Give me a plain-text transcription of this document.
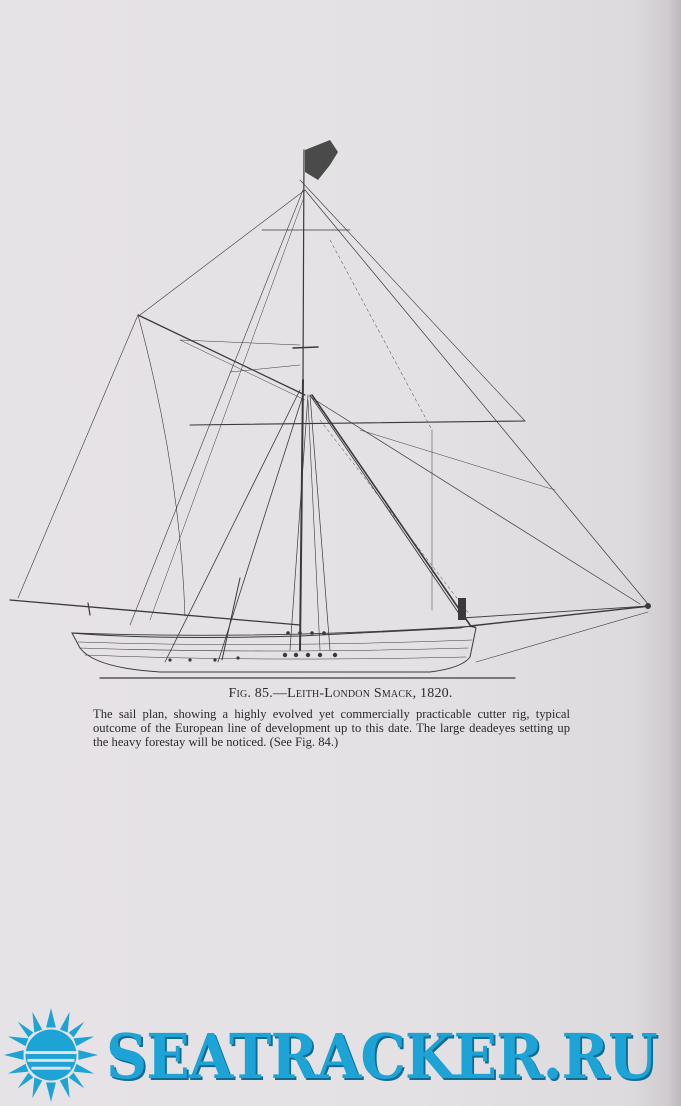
Fig. 85.—Leith-London Smack, 1820.
The sail plan, showing a highly evolved yet commercially practicable cutter rig, typical outcome of the European line of development up to this date. The large deadeyes setting up the heavy forestay will be noticed. (See Fig. 84.)
SEATRACKER.RU
